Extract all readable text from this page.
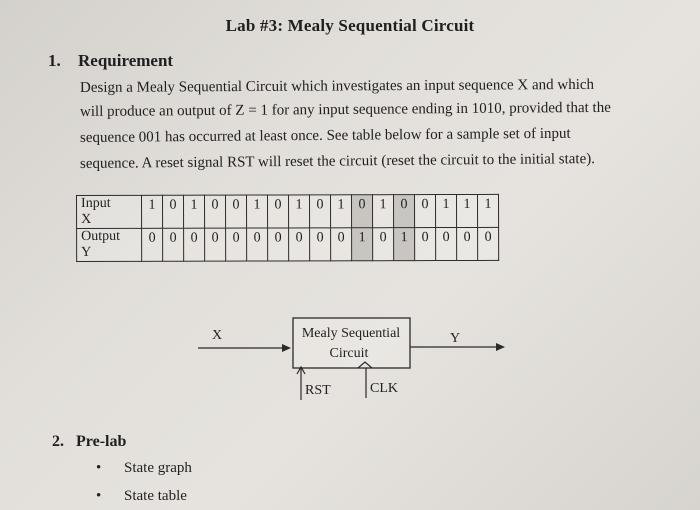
Lab #3: Mealy Sequential Circuit
1. Requirement
Design a Mealy Sequential Circuit which investigates an input sequence X and which
will produce an output of Z = 1 for any input sequence ending in 1010, provided that the
sequence 001 has occurred at least once. See table below for a sample set of input
sequence. A reset signal RST will reset the circuit (reset the circuit to the initial state).
Input
X	1	0	1	0	0	1	0	1	0	1	0	1	0	0	1	1	1

Output
Y	0	0	0	0	0	0	0	0	0	0	1	0	1	0	0	0	0
X	Mealy Sequential
Circuit
Y
RST	CLK
2. Pre-lab
• State graph
• State table
